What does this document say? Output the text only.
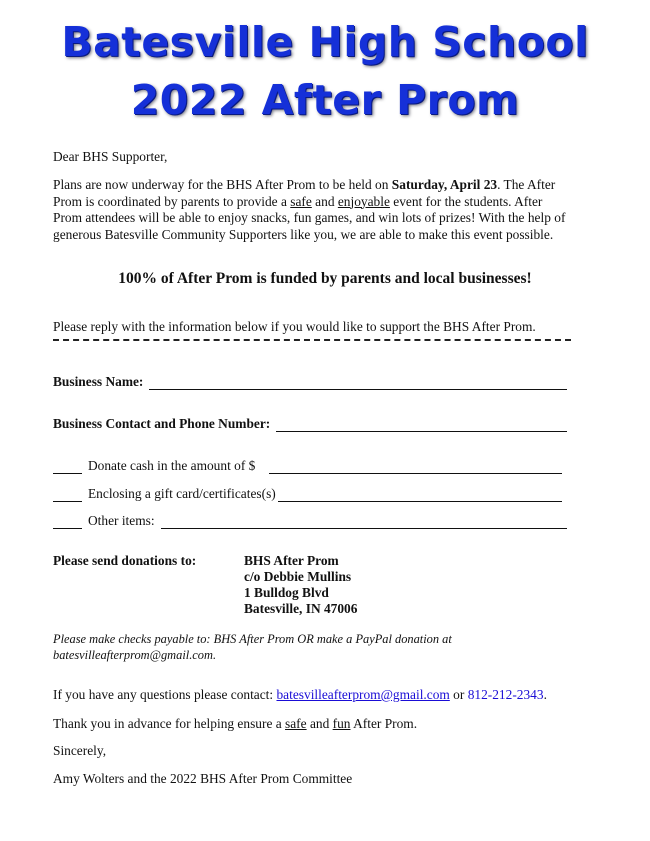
Batesville High School
2022 After Prom
Dear BHS Supporter,
Plans are now underway for the BHS After Prom to be held on Saturday, April 23. The After
Prom is coordinated by parents to provide a safe and enjoyable event for the students. After
Prom attendees will be able to enjoy snacks, fun games, and win lots of prizes! With the help of
generous Batesville Community Supporters like you, we are able to make this event possible.
100% of After Prom is funded by parents and local businesses!
Please reply with the information below if you would like to support the BHS After Prom.
Business Name:
Business Contact and Phone Number:
Donate cash in the amount of $
Enclosing a gift card/certificates(s)
Other items:
Please send donations to:	BHS After Prom
c/o Debbie Mullins
1 Bulldog Blvd
Batesville, IN 47006
Please make checks payable to: BHS After Prom OR make a PayPal donation at
batesvilleafterprom@gmail.com.
If you have any questions please contact: batesvilleafterprom@gmail.com or 812-212-2343.
Thank you in advance for helping ensure a safe and fun After Prom.
Sincerely,
Amy Wolters and the 2022 BHS After Prom Committee
